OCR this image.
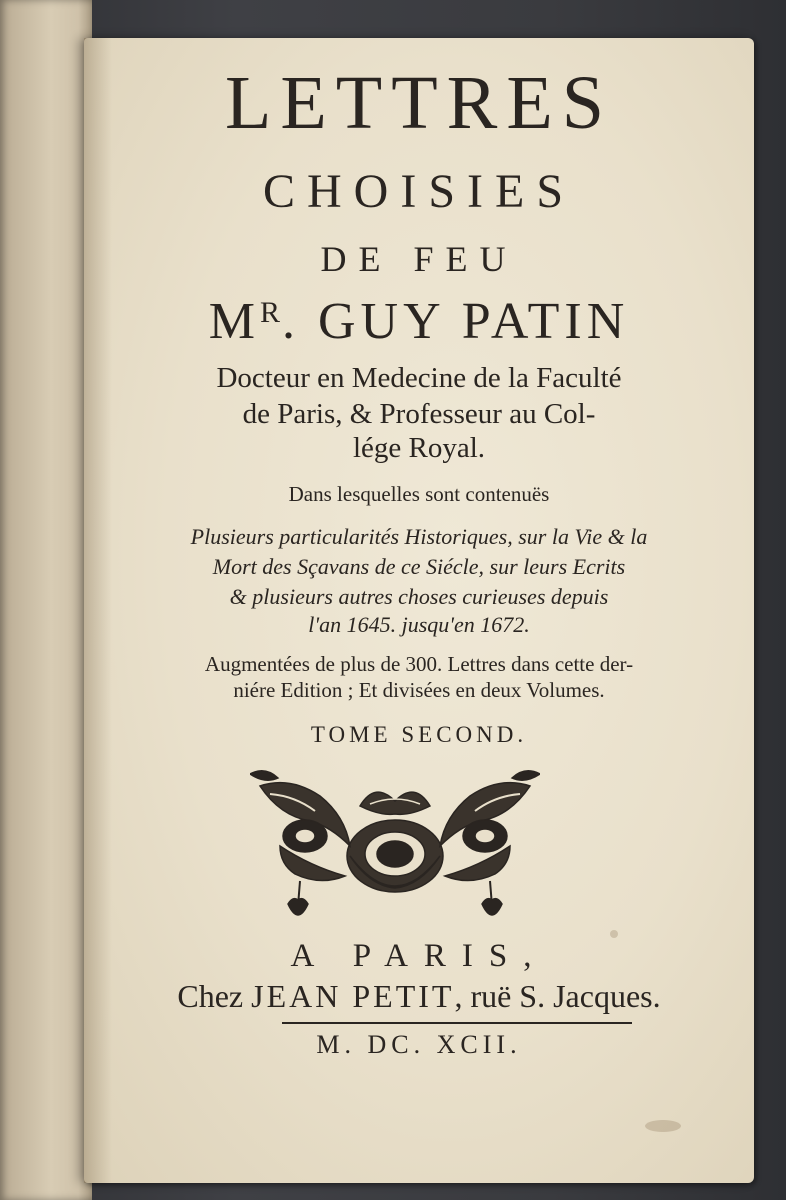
LETTRES
CHOISIES
DE FEU
$M^R$. GUY PATIN
Docteur en Medecine de la Faculté
de Paris, & Professeur au Col-
lége Royal.
Dans lesquelles sont contenuës
Plusieurs particularités Historiques, sur la Vie & la
Mort des Sçavans de ce Siécle, sur leurs Ecrits
& plusieurs autres choses curieuses depuis
l'an 1645. jusqu'en 1672.
Augmentées de plus de 300. Lettres dans cette der-
niére Edition ; Et divisées en deux Volumes.
TOME SECOND.
A PARIS,
Chez JEAN PETIT, ruë S. Jacques.
M. DC. XCII.
